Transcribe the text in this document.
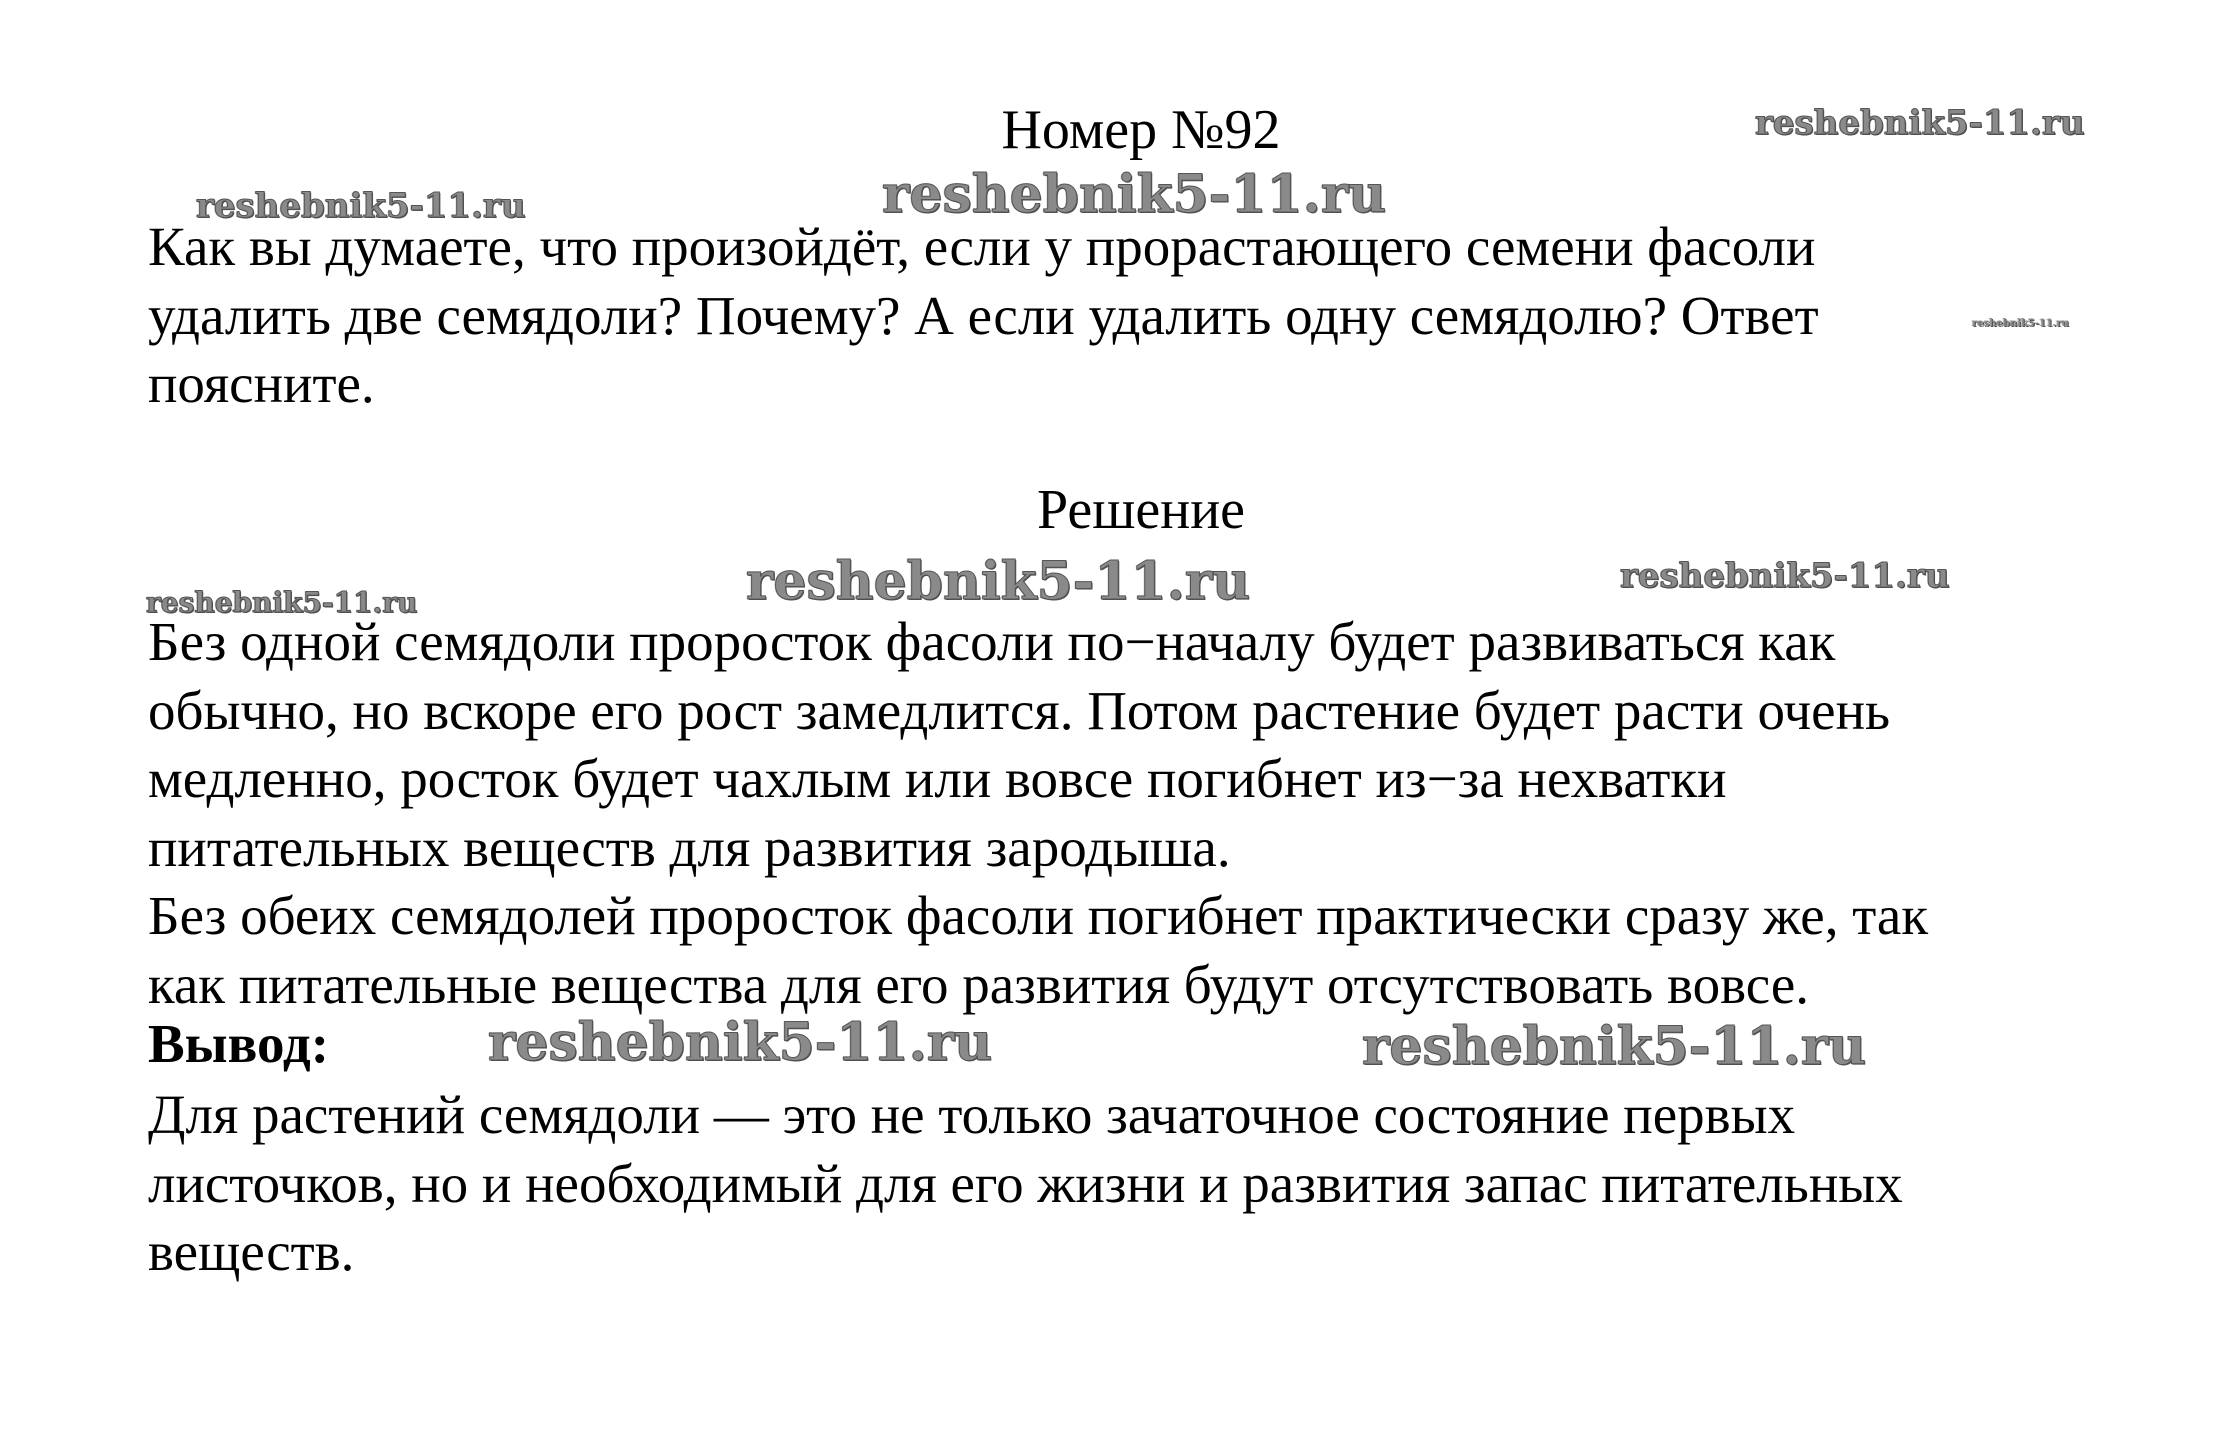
reshebnik5-11.ru
reshebnik5-11.ru	reshebnik5-11.ru
reshebnik5-11.ru
reshebnik5-11.ru	reshebnik5-11.ru	reshebnik5-11.ru
reshebnik5-11.ru	reshebnik5-11.ru
Номер №92
Как вы думаете, что произойдёт, если у прорастающего семени фасоли
удалить две семядоли? Почему? А если удалить одну семядолю? Ответ
поясните.
Решение
Без одной семядоли проросток фасоли по−началу будет развиваться как
обычно, но вскоре его рост замедлится. Потом растение будет расти очень
медленно, росток будет чахлым или вовсе погибнет из−за нехватки
питательных веществ для развития зародыша.
Без обеих семядолей проросток фасоли погибнет практически сразу же, так
как питательные вещества для его развития будут отсутствовать вовсе.
Вывод:
Для растений семядоли — это не только зачаточное состояние первых
листочков, но и необходимый для его жизни и развития запас питательных
веществ.
